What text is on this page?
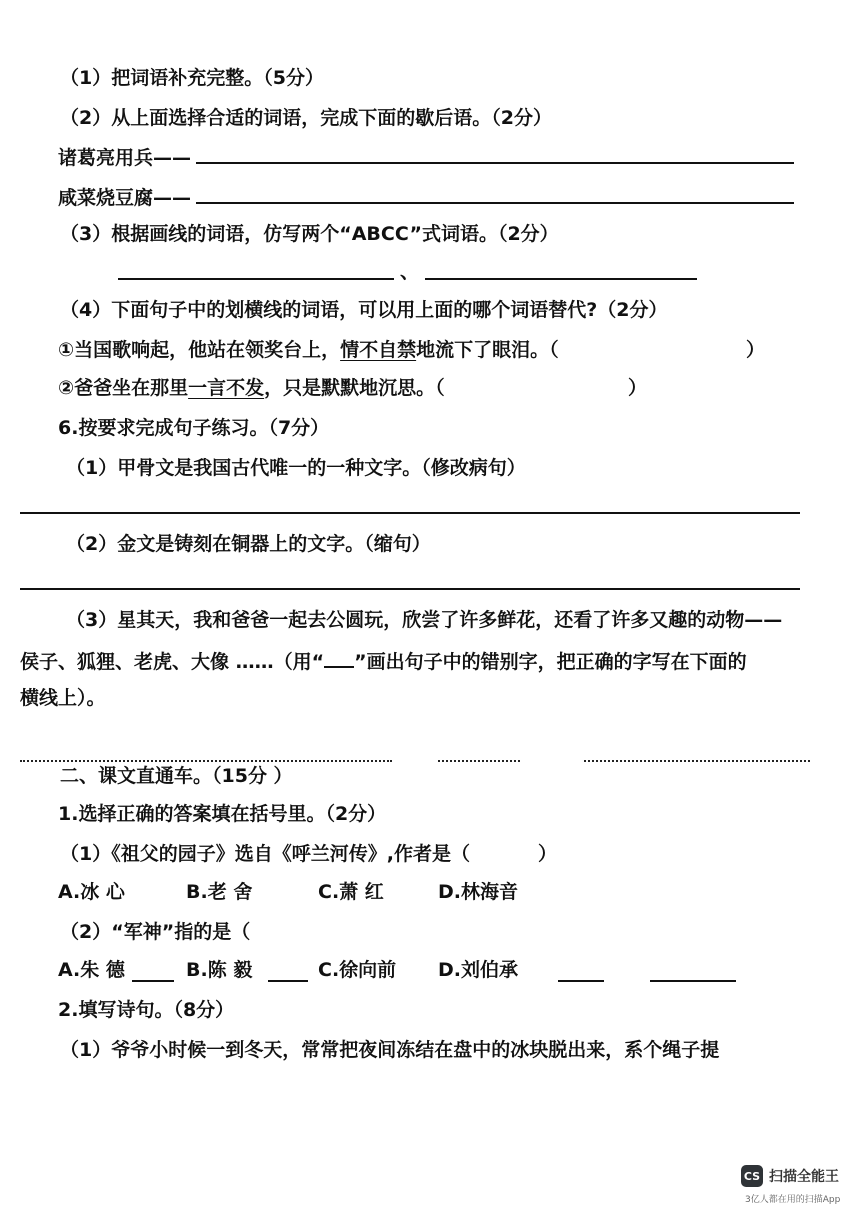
（1）把词语补充完整。（5分）
（2）从上面选择合适的词语，完成下面的歇后语。（2分）
诸葛亮用兵——
咸菜烧豆腐——
（3）根据画线的词语，仿写两个“ABCC”式词语。（2分）
、
（4）下面句子中的划横线的词语，可以用上面的哪个词语替代?（2分）
①当国歌响起，他站在领奖台上，情不自禁地流下了眼泪。（	）
②爸爸坐在那里一言不发，只是默默地沉思。（	）
6.按要求完成句子练习。（7分）
（1）甲骨文是我国古代唯一的一种文字。（修改病句）
（2）金文是铸刻在铜器上的文字。（缩句）
（3）星其天，我和爸爸一起去公圆玩，欣尝了许多鲜花，还看了许多又趣的动物——
侯子、狐狸、老虎、大像 ……（用“ ”画出句子中的错别字，把正确的字写在下面的
横线上）。
二、课文直通车。（15分 ）
1.选择正确的答案填在括号里。（2分）
（1）《祖父的园子》选自《呼兰河传》,作者是（	）
A.冰 心	B.老 舍	C.萧 红	D.林海音
（2）“军神”指的是（
A.朱 德	B.陈 毅	C.徐向前 D.刘伯承
2.填写诗句。（8分）
（1）爷爷小时候一到冬天，常常把夜间冻结在盘中的冰块脱出来，系个绳子提
CS 扫描全能王
3亿人都在用的扫描App
